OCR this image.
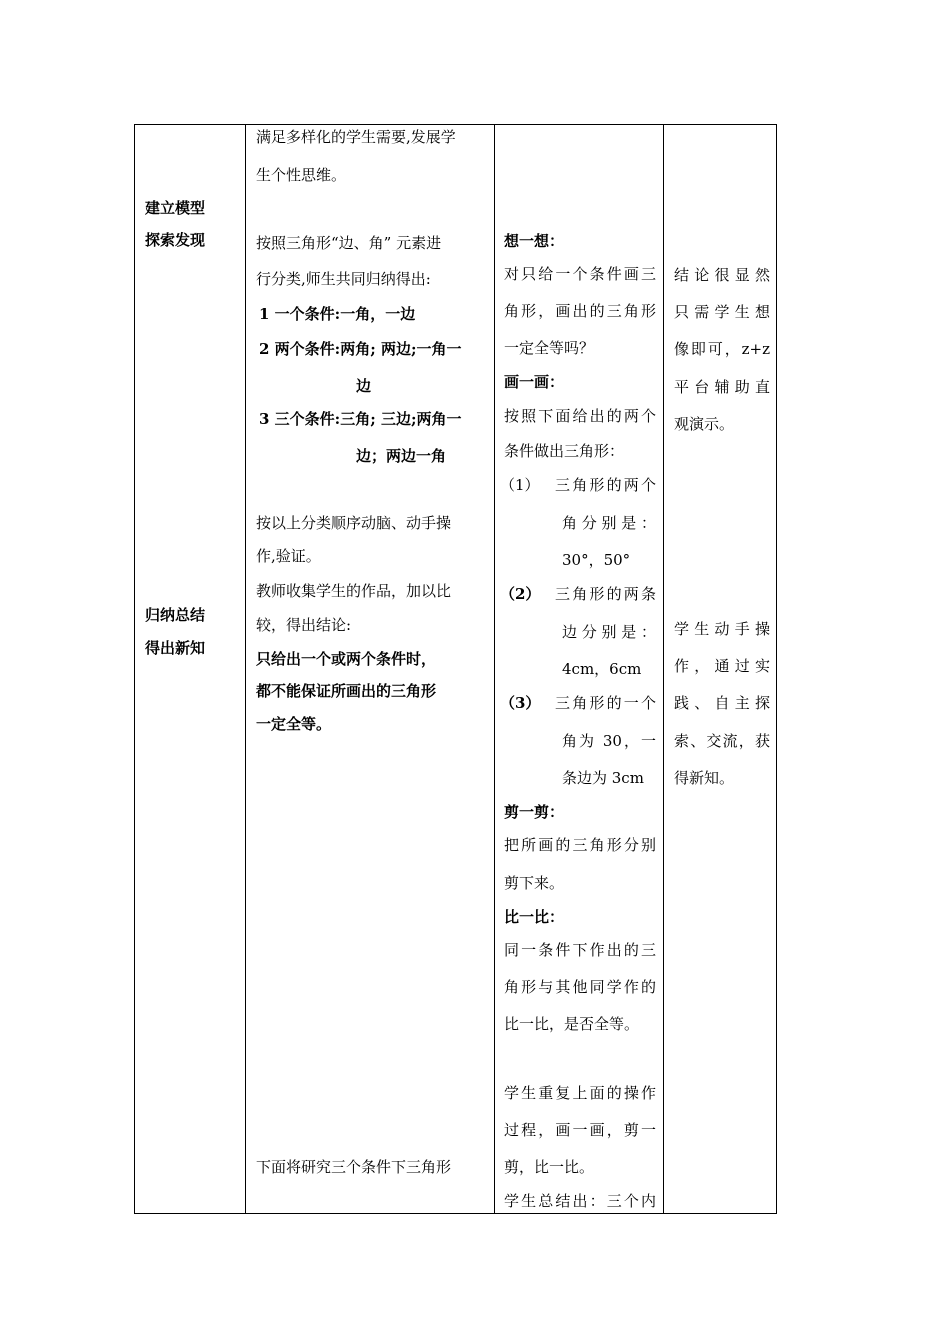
建立模型
探索发现
归纳总结
得出新知
满足多样化的学生需要,发展学
生个性思维。
按照三角形“边、角” 元素进
行分类,师生共同归纳得出:
1 一个条件:一角，一边
2 两个条件:两角; 两边;一角一
边
3 三个条件:三角; 三边;两角一
边；两边一角
按以上分类顺序动脑、动手操
作,验证。
教师收集学生的作品，加以比
较，得出结论:
只给出一个或两个条件时，
都不能保证所画出的三角形
一定全等。
下面将研究三个条件下三角形
想一想：
对只给一个条件画三
角形，画出的三角形
一定全等吗？
画一画：
按照下面给出的两个
条件做出三角形：
（1）	三角形的两个
角分别是：
30°，50°
（2） 三角形的两条
边分别是：
4cm，6cm
（3） 三角形的一个
角为 30，一
条边为 3cm
剪一剪：
把所画的三角形分别
剪下来。
比一比：
同一条件下作出的三
角形与其他同学作的
比一比，是否全等。
学生重复上面的操作
过程，画一画，剪一
剪，比一比。
学生总结出：三个内
结论很显然
只需学生想
像即可，z+z
平台辅助直
观演示。
学生动手操
作，通过实
践、自主探
索、交流，获
得新知。
